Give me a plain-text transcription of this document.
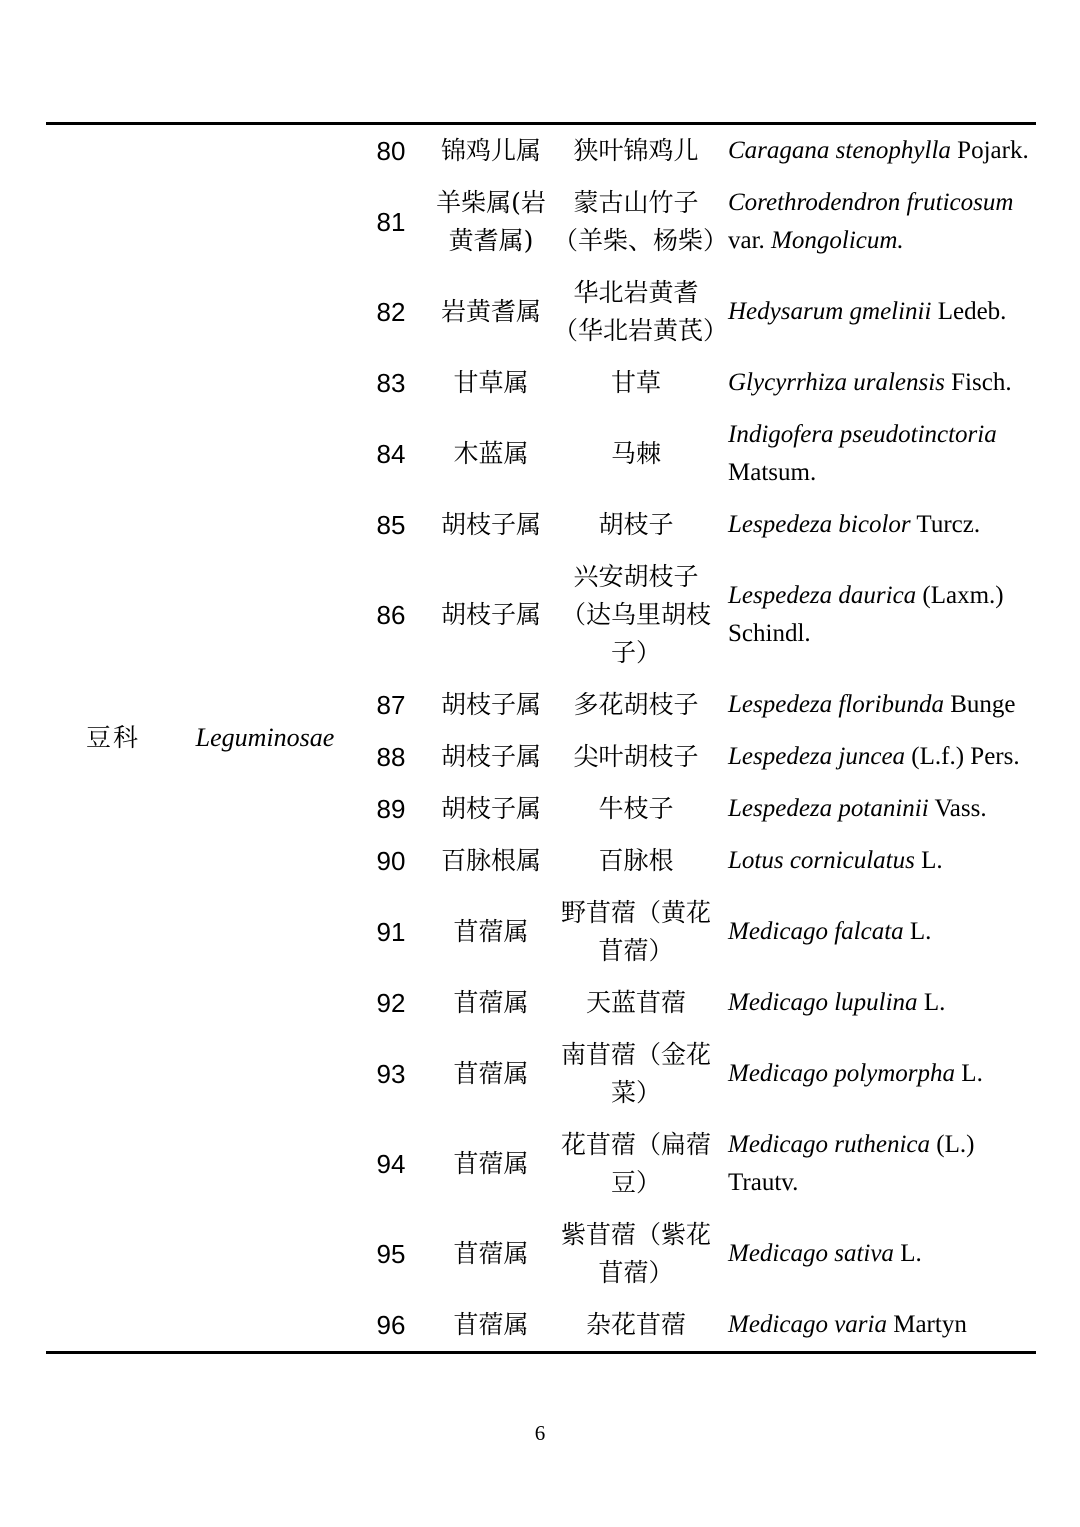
豆科	Leguminosae	80	锦鸡儿属	狭叶锦鸡儿	Caragana stenophylla Pojark.
		81	羊柴属(岩黄耆属)	蒙古山竹子（羊柴、杨柴）	Corethrodendron fruticosum var. Mongolicum.
		82	岩黄耆属	华北岩黄耆（华北岩黄芪）	Hedysarum gmelinii Ledeb.
		83	甘草属	甘草	Glycyrrhiza uralensis Fisch.
		84	木蓝属	马棘	Indigofera pseudotinctoria Matsum.
		85	胡枝子属	胡枝子	Lespedeza bicolor Turcz.
		86	胡枝子属	兴安胡枝子（达乌里胡枝子）	Lespedeza daurica (Laxm.) Schindl.
		87	胡枝子属	多花胡枝子	Lespedeza floribunda Bunge
		88	胡枝子属	尖叶胡枝子	Lespedeza juncea (L.f.) Pers.
		89	胡枝子属	牛枝子	Lespedeza potaninii Vass.
		90	百脉根属	百脉根	Lotus corniculatus L.
		91	苜蓿属	野苜蓿（黄花苜蓿）	Medicago falcata L.
		92	苜蓿属	天蓝苜蓿	Medicago lupulina L.
		93	苜蓿属	南苜蓿（金花菜）	Medicago polymorpha L.
		94	苜蓿属	花苜蓿（扁蓿豆）	Medicago ruthenica (L.) Trautv.
		95	苜蓿属	紫苜蓿（紫花苜蓿）	Medicago sativa L.
		96	苜蓿属	杂花苜蓿	Medicago varia Martyn
6
